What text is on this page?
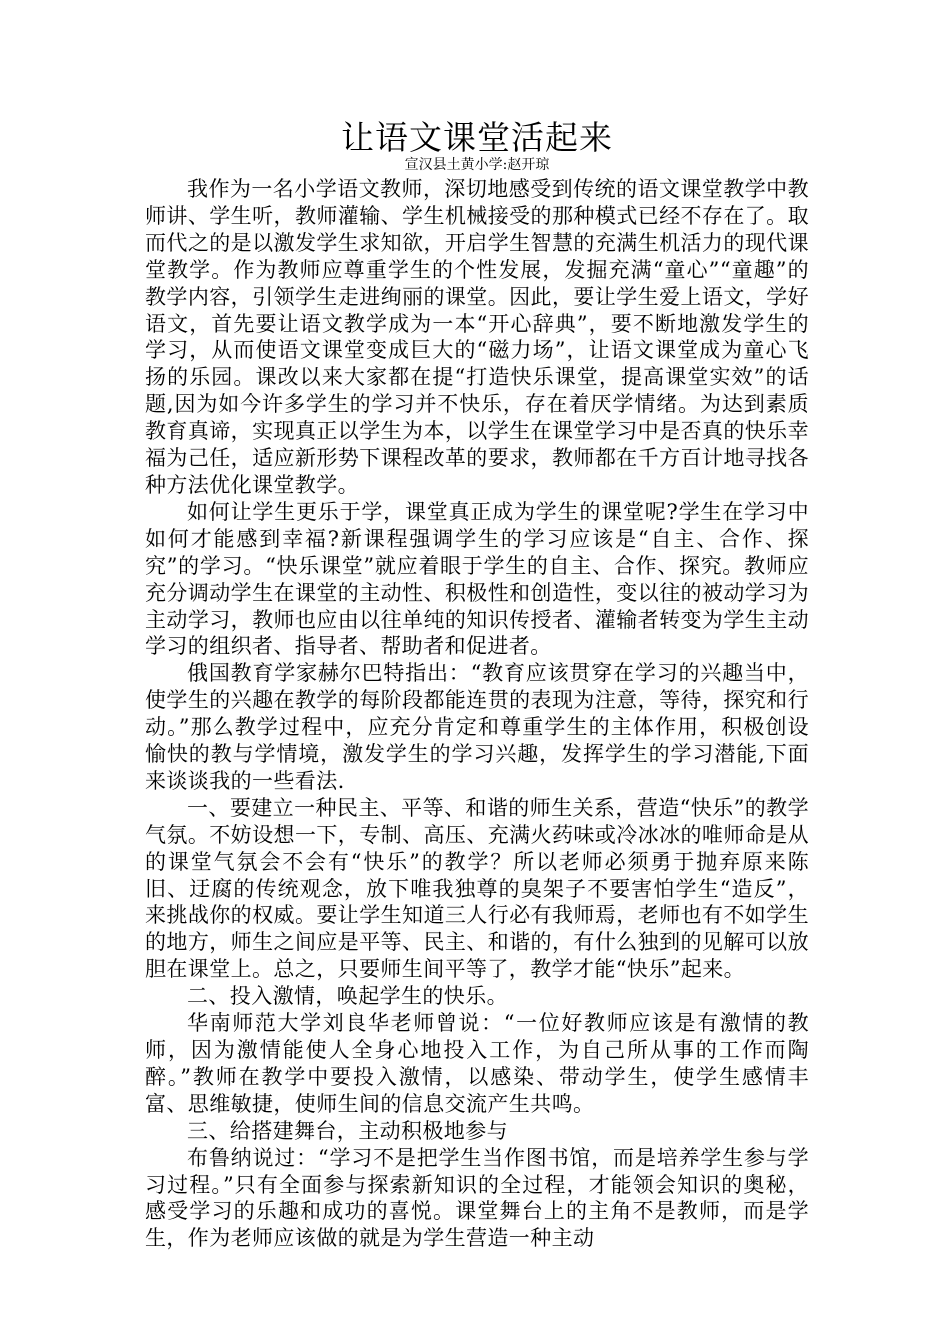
让语文课堂活起来
宣汉县土黄小学:赵开琼

我作为一名小学语文教师，深切地感受到传统的语文课堂教学中教师讲、学生听，教师灌输、学生机械接受的那种模式已经不存在了。取而代之的是以激发学生求知欲，开启学生智慧的充满生机活力的现代课堂教学。作为教师应尊重学生的个性发展，发掘充满“童心”“童趣”的教学内容，引领学生走进绚丽的课堂。因此，要让学生爱上语文，学好语文，首先要让语文教学成为一本“开心辞典”，要不断地激发学生的学习，从而使语文课堂变成巨大的“磁力场”，让语文课堂成为童心飞扬的乐园。课改以来大家都在提“打造快乐课堂，提高课堂实效”的话题,因为如今许多学生的学习并不快乐，存在着厌学情绪。为达到素质教育真谛，实现真正以学生为本，以学生在课堂学习中是否真的快乐幸福为己任，适应新形势下课程改革的要求，教师都在千方百计地寻找各种方法优化课堂教学。

如何让学生更乐于学，课堂真正成为学生的课堂呢?学生在学习中如何才能感到幸福?新课程强调学生的学习应该是“自主、合作、探究”的学习。“快乐课堂”就应着眼于学生的自主、合作、探究。教师应充分调动学生在课堂的主动性、积极性和创造性，变以往的被动学习为主动学习，教师也应由以往单纯的知识传授者、灌输者转变为学生主动学习的组织者、指导者、帮助者和促进者。

俄国教育学家赫尔巴特指出：“教育应该贯穿在学习的兴趣当中，使学生的兴趣在教学的每阶段都能连贯的表现为注意，等待，探究和行动。”那么教学过程中，应充分肯定和尊重学生的主体作用，积极创设愉快的教与学情境，激发学生的学习兴趣，发挥学生的学习潜能,下面来谈谈我的一些看法.

一、要建立一种民主、平等、和谐的师生关系，营造“快乐”的教学气氛。不妨设想一下，专制、高压、充满火药味或冷冰冰的唯师命是从的课堂气氛会不会有“快乐”的教学？所以老师必须勇于抛弃原来陈旧、迂腐的传统观念，放下唯我独尊的臭架子不要害怕学生“造反”，来挑战你的权威。要让学生知道三人行必有我师焉，老师也有不如学生的地方，师生之间应是平等、民主、和谐的，有什么独到的见解可以放胆在课堂上。总之，只要师生间平等了，教学才能“快乐”起来。

二、投入激情，唤起学生的快乐。

华南师范大学刘良华老师曾说：“一位好教师应该是有激情的教师，因为激情能使人全身心地投入工作，为自己所从事的工作而陶醉。”教师在教学中要投入激情，以感染、带动学生，使学生感情丰富、思维敏捷，使师生间的信息交流产生共鸣。

三、给搭建舞台，主动积极地参与

布鲁纳说过：“学习不是把学生当作图书馆，而是培养学生参与学习过程。”只有全面参与探索新知识的全过程，才能领会知识的奥秘，感受学习的乐趣和成功的喜悦。课堂舞台上的主角不是教师，而是学生，作为老师应该做的就是为学生营造一种主动
